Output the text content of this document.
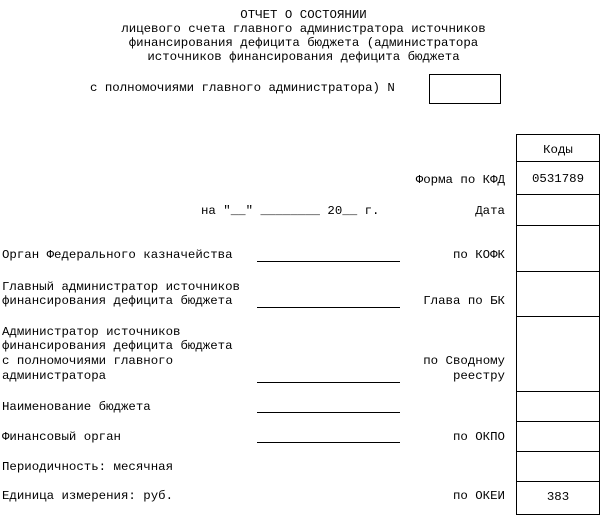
ОТЧЕТ О СОСТОЯНИИ
лицевого счета главного администратора источников
финансирования дефицита бюджета (администратора
источников финансирования дефицита бюджета
с полномочиями главного администратора) N
Коды
0531789
383
Форма по КФД
Дата
по КОФК
Глава по БК
по Сводному
реестру
по ОКПО
по ОКЕИ
на "__" ________ 20__ г.
Орган Федерального казначейства
Главный администратор источников
финансирования дефицита бюджета
Администратор источников
финансирования дефицита бюджета
с полномочиями главного
администратора
Наименование бюджета
Финансовый орган
Периодичность: месячная
Единица измерения: руб.
